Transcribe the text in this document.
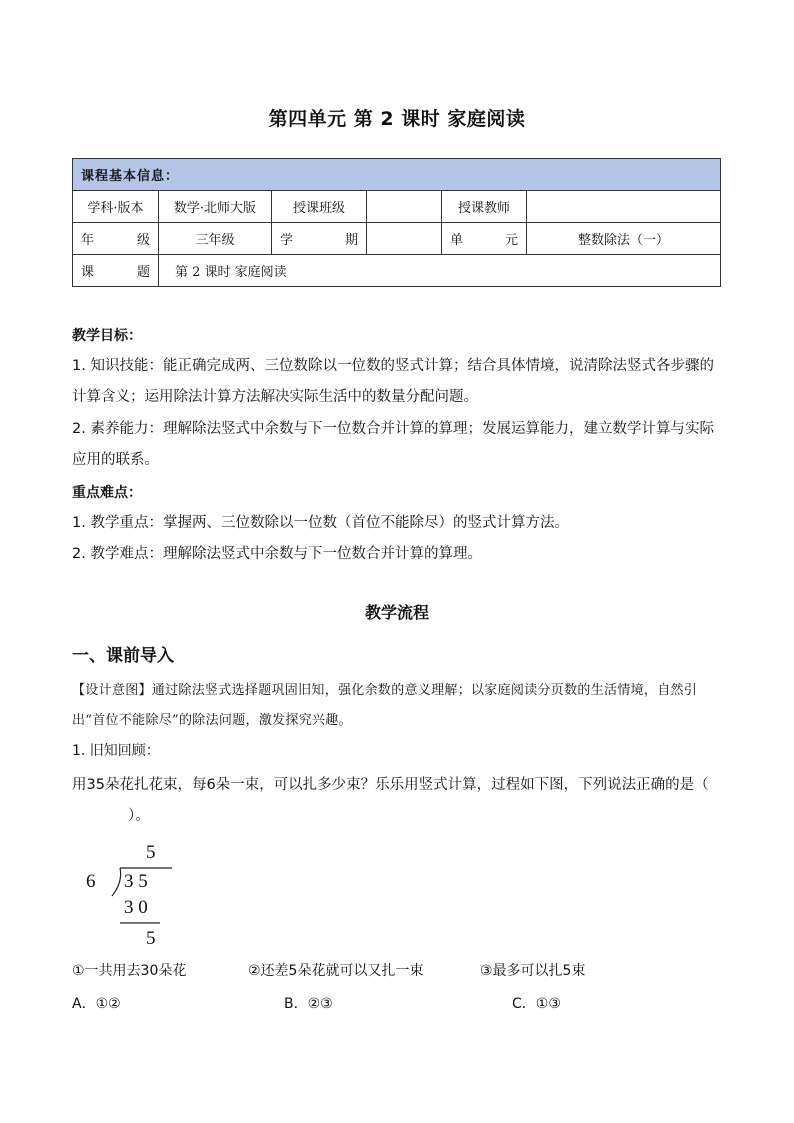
第四单元 第 2 课时 家庭阅读
课程基本信息：					
学科·版本	数学·北师大版	授课班级		授课教师	
年级	三年级	学期		单元	整数除法（一）
课题	第 2 课时 家庭阅读				
教学目标：
1. 知识技能：能正确完成两、三位数除以一位数的竖式计算；结合具体情境，说清除法竖式各步骤的计算含义；运用除法计算方法解决实际生活中的数量分配问题。
2. 素养能力：理解除法竖式中余数与下一位数合并计算的算理；发展运算能力，建立数学计算与实际应用的联系。
重点难点：
1. 教学重点：掌握两、三位数除以一位数（首位不能除尽）的竖式计算方法。
2. 教学难点：理解除法竖式中余数与下一位数合并计算的算理。
教学流程
一、课前导入
【设计意图】通过除法竖式选择题巩固旧知，强化余数的意义理解；以家庭阅读分页数的生活情境，自然引出“首位不能除尽”的除法问题，激发探究兴趣。
1. 旧知回顾：
用35朵花扎花束，每6朵一束，可以扎多少束？乐乐用竖式计算，过程如下图，下列说法正确的是（）。
5
6 3 5
3 0
5
①一共用去30朵花	②还差5朵花就可以又扎一束	③最多可以扎5束
A．①②	B．②③	C．①③
